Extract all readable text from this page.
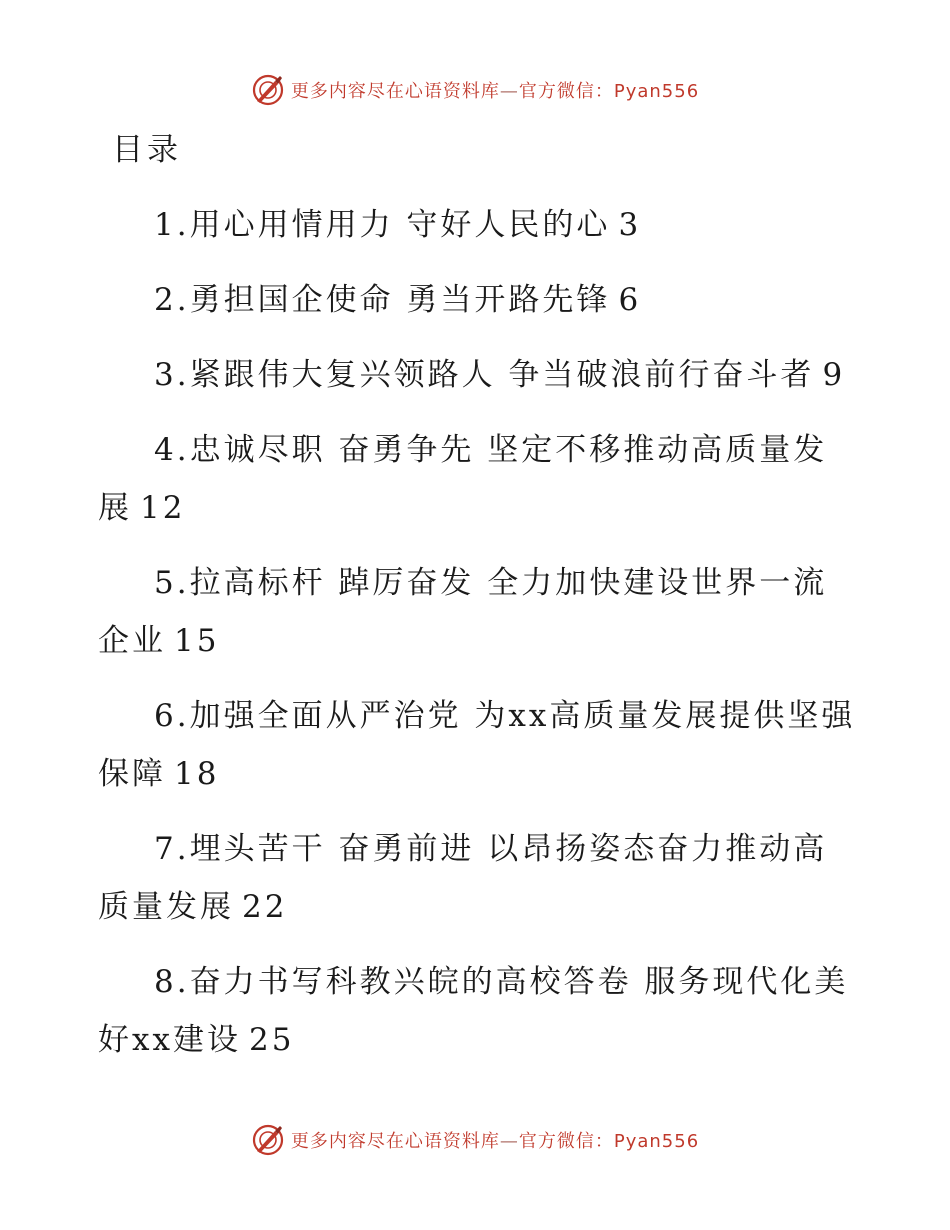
更多内容尽在心语资料库—官方微信：Pyan556
目录
1.用心用情用力 守好人民的心 3
2.勇担国企使命 勇当开路先锋 6
3.紧跟伟大复兴领路人 争当破浪前行奋斗者 9
4.忠诚尽职 奋勇争先 坚定不移推动高质量发展 12
5.拉高标杆 踔厉奋发 全力加快建设世界一流企业 15
6.加强全面从严治党 为xx高质量发展提供坚强保障 18
7.埋头苦干 奋勇前进 以昂扬姿态奋力推动高质量发展 22
8.奋力书写科教兴皖的高校答卷 服务现代化美好xx建设 25
更多内容尽在心语资料库—官方微信：Pyan556
